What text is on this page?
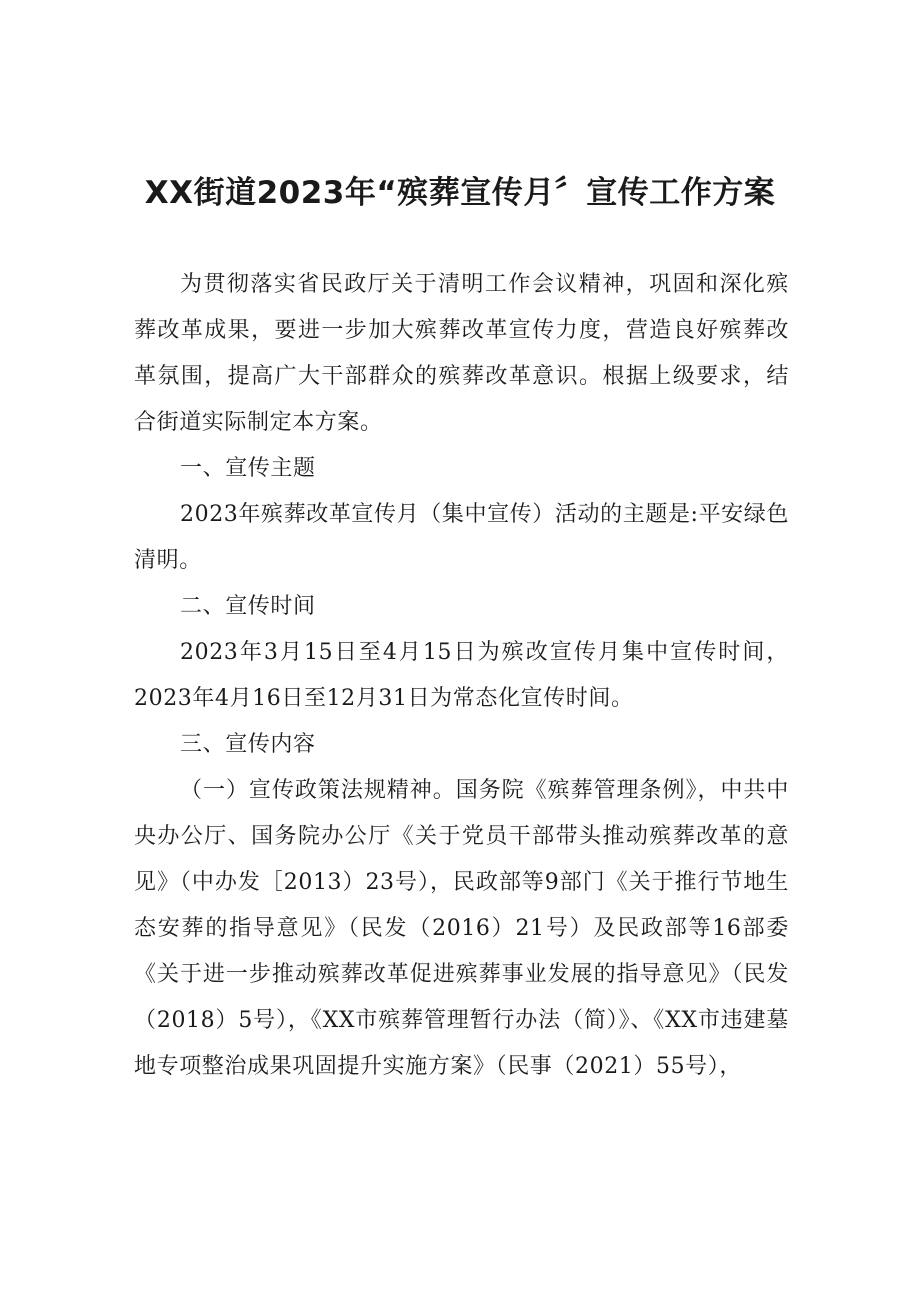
XX街道2023年“殡葬宣传月〞宣传工作方案

为贯彻落实省民政厅关于清明工作会议精神，巩固和深化殡葬改革成果，要进一步加大殡葬改革宣传力度，营造良好殡葬改革氛围，提高广大干部群众的殡葬改革意识。根据上级要求，结合街道实际制定本方案。

一、宣传主题

2023年殡葬改革宣传月（集中宣传）活动的主题是:平安绿色清明。

二、宣传时间

2023年3月15日至4月15日为殡改宣传月集中宣传时间，2023年4月16日至12月31日为常态化宣传时间。

三、宣传内容

（一）宣传政策法规精神。国务院《殡葬管理条例》，中共中央办公厅、国务院办公厅《关于党员干部带头推动殡葬改革的意见》（中办发［2013）23号），民政部等9部门《关于推行节地生态安葬的指导意见》（民发（2016）21号）及民政部等16部委《关于进一步推动殡葬改革促进殡葬事业发展的指导意见》（民发（2018）5号），《XX市殡葬管理暂行办法（简）》、《XX市违建墓地专项整治成果巩固提升实施方案》（民事（2021）55号），
